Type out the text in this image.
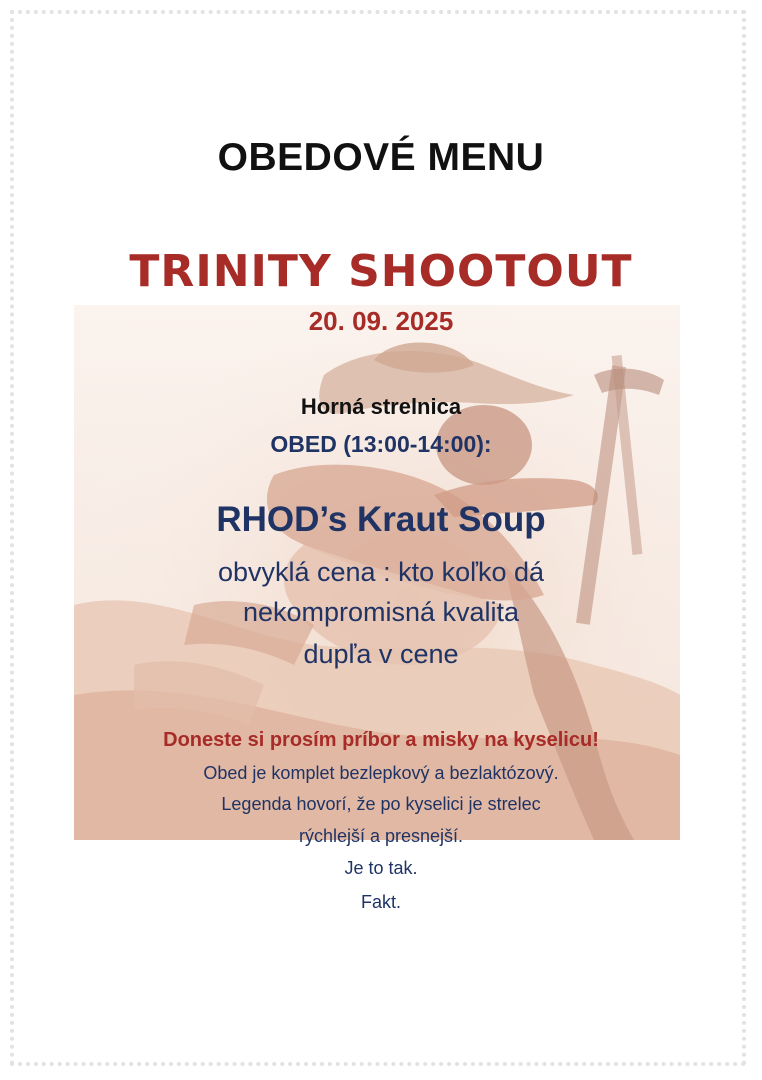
OBEDOVÉ MENU
TRINITY SHOOTOUT
20. 09. 2025
Horná strelnica
OBED (13:00-14:00):
RHOD’s Kraut Soup
obvyklá cena : kto koľko dá
nekompromisná kvalita
dupľa v cene
Doneste si prosím príbor a misky na kyselicu!
Obed je komplet bezlepkový a bezlaktózový.
Legenda hovorí, že po kyselici je strelec
rýchlejší a presnejší.
Je to tak.
Fakt.
